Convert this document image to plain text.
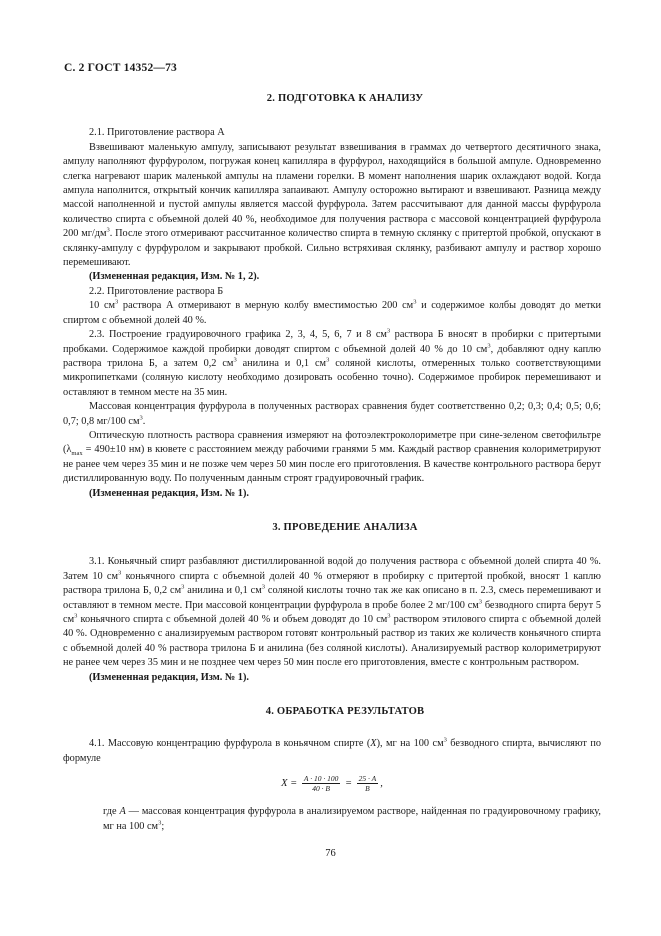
С. 2 ГОСТ 14352—73

2. ПОДГОТОВКА К АНАЛИЗУ

2.1. Приготовление раствора А

Взвешивают маленькую ампулу, записывают результат взвешивания в граммах до четвертого десятичного знака, ампулу наполняют фурфуролом, погружая конец капилляра в фурфурол, находящийся в большой ампуле. Одновременно слегка нагревают шарик маленькой ампулы на пламени горелки. В момент наполнения шарик охлаждают водой. Когда ампула наполнится, открытый кончик капилляра запаивают. Ампулу осторожно вытирают и взвешивают. Разница между массой наполненной и пустой ампулы является массой фурфурола. Затем рассчитывают для данной массы фурфурола количество спирта с объемной долей 40 %, необходимое для получения раствора с массовой концентрацией фурфурола 200 $мг/дм^3$. После этого отмеривают рассчитанное количество спирта в темную склянку с притертой пробкой, опускают в склянку-ампулу с фурфуролом и закрывают пробкой. Сильно встряхивая склянку, разбивают ампулу и раствор хорошо перемешивают.

(Измененная редакция, Изм. № 1, 2).

2.2. Приготовление раствора Б

10 $см^3$ раствора А отмеривают в мерную колбу вместимостью 200 $см^3$ и содержимое колбы доводят до метки спиртом с объемной долей 40 %.

2.3. Построение градуировочного графика 2, 3, 4, 5, 6, 7 и 8 $см^3$ раствора Б вносят в пробирки с притертыми пробками. Содержимое каждой пробирки доводят спиртом с объемной долей 40 % до 10 $см^3$, добавляют одну каплю раствора трилона Б, а затем 0,2 $см^3$ анилина и 0,1 $см^3$ соляной кислоты, отмеренных только соответствующими микропипетками (соляную кислоту необходимо дозировать особенно точно). Содержимое пробирок перемешивают и оставляют в темном месте на 35 мин.

Массовая концентрация фурфурола в полученных растворах сравнения будет соответственно 0,2; 0,3; 0,4; 0,5; 0,6; 0,7; 0,8 мг/100 $см^3$.

Оптическую плотность раствора сравнения измеряют на фотоэлектроколориметре при сине-зеленом светофильтре ($\lambda_{max} = 490\pm 10$ нм) в кювете с расстоянием между рабочими гранями 5 мм. Каждый раствор сравнения колориметрируют не ранее чем через 35 мин и не позже чем через 50 мин после его приготовления. В качестве контрольного раствора берут дистиллированную воду. По полученным данным строят градуировочный график.

(Измененная редакция, Изм. № 1).

3. ПРОВЕДЕНИЕ АНАЛИЗА

3.1. Коньячный спирт разбавляют дистиллированной водой до получения раствора с объемной долей спирта 40 %. Затем 10 $см^3$ коньячного спирта с объемной долей 40 % отмеряют в пробирку с притертой пробкой, вносят 1 каплю раствора трилона Б, 0,2 $см^3$ анилина и 0,1 $см^3$ соляной кислоты точно так же как описано в п. 2.3, смесь перемешивают и оставляют в темном месте. При массовой концентрации фурфурола в пробе более 2 мг/100 $см^3$ безводного спирта берут 5 $см^3$ коньячного спирта с объемной долей 40 % и объем доводят до 10 $см^3$ раствором этилового спирта с объемной долей 40 %. Одновременно с анализируемым раствором готовят контрольный раствор из таких же количеств коньячного спирта с объемной долей 40 % раствора трилона Б и анилина (без соляной кислоты). Анализируемый раствор колориметрируют не ранее чем через 35 мин и не позднее чем через 50 мин после его приготовления, вместе с контрольным раствором.

(Измененная редакция, Изм. № 1).

4. ОБРАБОТКА РЕЗУЛЬТАТОВ

4.1. Массовую концентрацию фурфурола в коньячном спирте (X), мг на 100 $см^3$ безводного спирта, вычисляют по формуле

$X = \frac{A \cdot 10 \cdot 100}{40 \cdot B} = \frac{25 \cdot A}{B}$ ,

где A — массовая концентрация фурфурола в анализируемом растворе, найденная по градуировочному графику, мг на 100 $см^3$;

76
